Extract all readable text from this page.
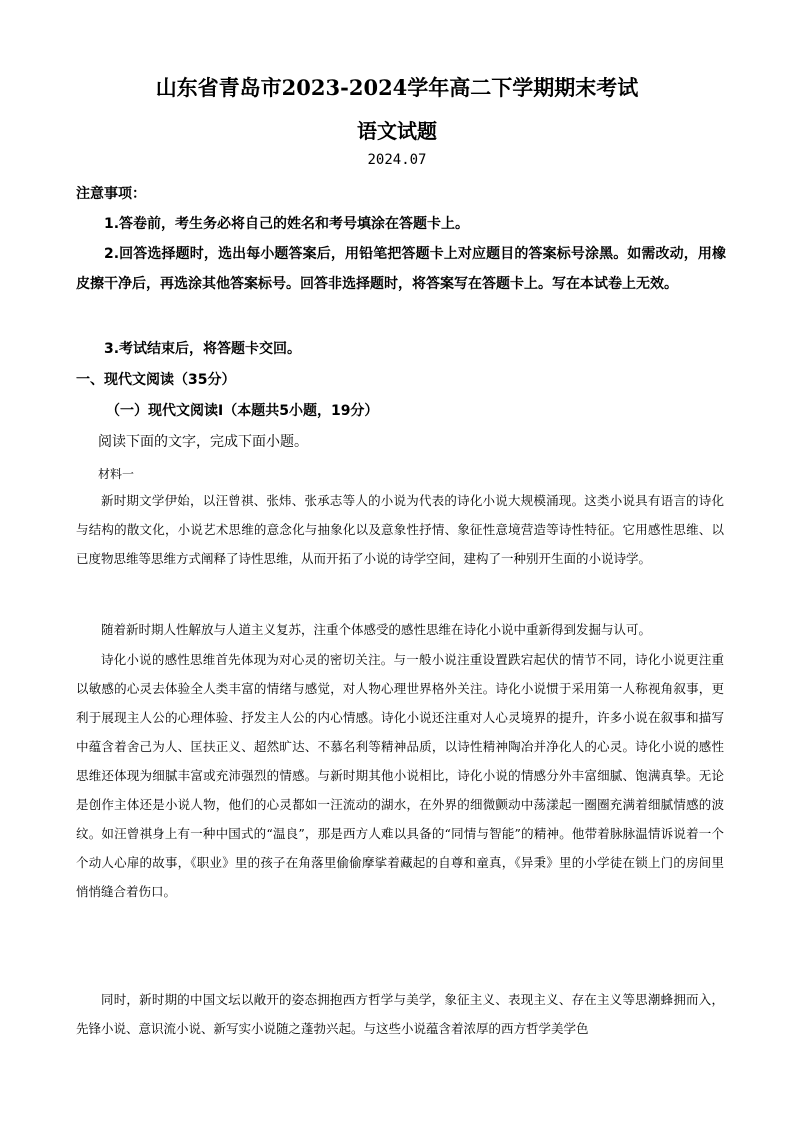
山东省青岛市2023-2024学年高二下学期期末考试
语文试题
2024.07
注意事项：
1.答卷前，考生务必将自己的姓名和考号填涂在答题卡上。
2.回答选择题时，选出每小题答案后，用铅笔把答题卡上对应题目的答案标号涂黑。如需改动，用橡皮擦干净后，再选涂其他答案标号。回答非选择题时，将答案写在答题卡上。写在本试卷上无效。
3.考试结束后，将答题卡交回。
一、现代文阅读（35分）
（一）现代文阅读Ⅰ（本题共5小题，19分）
阅读下面的文字，完成下面小题。
材料一

新时期文学伊始，以汪曾祺、张炜、张承志等人的小说为代表的诗化小说大规模涌现。这类小说具有语言的诗化与结构的散文化，小说艺术思维的意念化与抽象化以及意象性抒情、象征性意境营造等诗性特征。它用感性思维、以已度物思维等思维方式阐释了诗性思维，从而开拓了小说的诗学空间，建构了一种别开生面的小说诗学。

随着新时期人性解放与人道主义复苏，注重个体感受的感性思维在诗化小说中重新得到发掘与认可。

诗化小说的感性思维首先体现为对心灵的密切关注。与一般小说注重设置跌宕起伏的情节不同，诗化小说更注重以敏感的心灵去体验全人类丰富的情绪与感觉，对人物心理世界格外关注。诗化小说惯于采用第一人称视角叙事，更利于展现主人公的心理体验、抒发主人公的内心情感。诗化小说还注重对人心灵境界的提升，许多小说在叙事和描写中蕴含着舍己为人、匡扶正义、超然旷达、不慕名利等精神品质，以诗性精神陶冶并净化人的心灵。诗化小说的感性思维还体现为细腻丰富或充沛强烈的情感。与新时期其他小说相比，诗化小说的情感分外丰富细腻、饱满真挚。无论是创作主体还是小说人物，他们的心灵都如一汪流动的湖水，在外界的细微颤动中荡漾起一圈圈充满着细腻情感的波纹。如汪曾祺身上有一种中国式的“温良”，那是西方人难以具备的“同情与智能”的精神。他带着脉脉温情诉说着一个个动人心扉的故事，《职业》里的孩子在角落里偷偷摩挲着藏起的自尊和童真，《异秉》里的小学徒在锁上门的房间里悄悄缝合着伤口。

同时，新时期的中国文坛以敞开的姿态拥抱西方哲学与美学，象征主义、表现主义、存在主义等思潮蜂拥而入，先锋小说、意识流小说、新写实小说随之蓬勃兴起。与这些小说蕴含着浓厚的西方哲学美学色
